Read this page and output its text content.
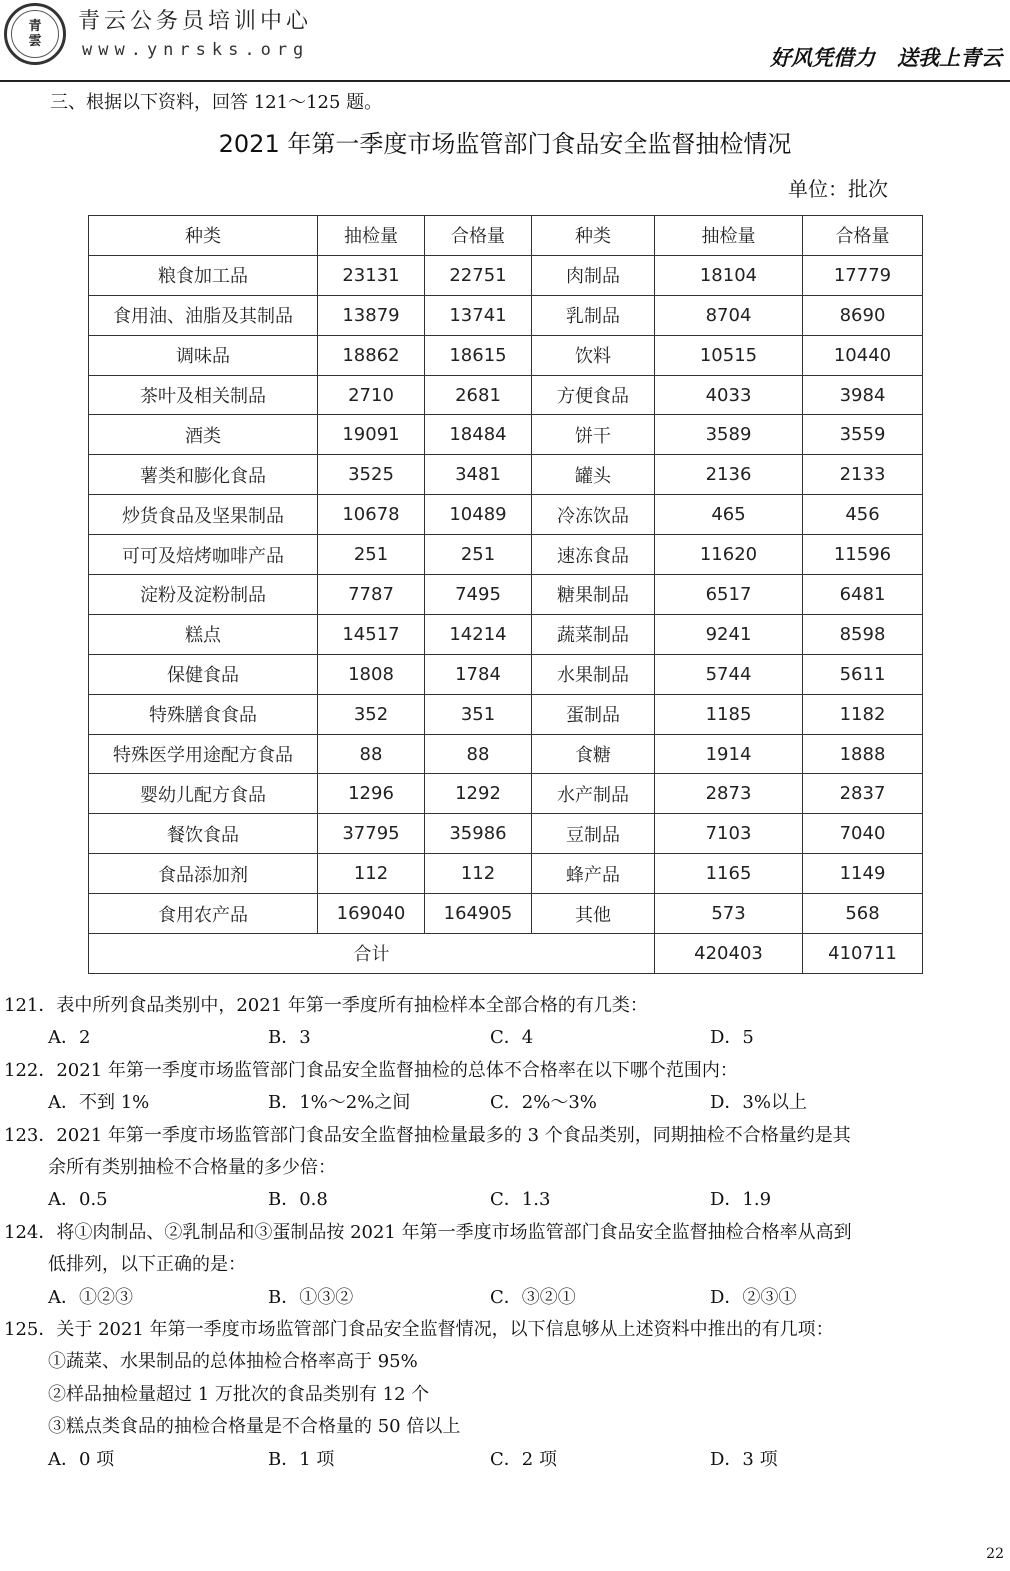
青
雲
青云公务员培训中心
www.ynrsks.org	好风凭借力   送我上青云
三、根据以下资料，回答 121～125 题。
2021 年第一季度市场监管部门食品安全监督抽检情况
单位：批次
种类	抽检量	合格量	种类	抽检量	合格量
粮食加工品	23131	22751	肉制品	18104	17779
食用油、油脂及其制品	13879	13741	乳制品	8704	8690
调味品	18862	18615	饮料	10515	10440
茶叶及相关制品	2710	2681	方便食品	4033	3984
酒类	19091	18484	饼干	3589	3559
薯类和膨化食品	3525	3481	罐头	2136	2133
炒货食品及坚果制品	10678	10489	冷冻饮品	465	456
可可及焙烤咖啡产品	251	251	速冻食品	11620	11596
淀粉及淀粉制品	7787	7495	糖果制品	6517	6481
糕点	14517	14214	蔬菜制品	9241	8598
保健食品	1808	1784	水果制品	5744	5611
特殊膳食食品	352	351	蛋制品	1185	1182
特殊医学用途配方食品	88	88	食糖	1914	1888
婴幼儿配方食品	1296	1292	水产制品	2873	2837
餐饮食品	37795	35986	豆制品	7103	7040
食品添加剂	112	112	蜂产品	1165	1149
食用农产品	169040	164905	其他	573	568
合计				420403	410711
121．表中所列食品类别中，2021 年第一季度所有抽检样本全部合格的有几类：
A．2	B．3	C．4	D．5
122．2021 年第一季度市场监管部门食品安全监督抽检的总体不合格率在以下哪个范围内：
A．不到 1%	B．1%～2%之间	C．2%～3%	D．3%以上
123．2021 年第一季度市场监管部门食品安全监督抽检量最多的 3 个食品类别，同期抽检不合格量约是其
余所有类别抽检不合格量的多少倍：
A．0.5	B．0.8	C．1.3	D．1.9
124．将①肉制品、②乳制品和③蛋制品按 2021 年第一季度市场监管部门食品安全监督抽检合格率从高到
低排列，以下正确的是：
A．①②③	B．①③②	C．③②①	D．②③①
125．关于 2021 年第一季度市场监管部门食品安全监督情况，以下信息够从上述资料中推出的有几项：
①蔬菜、水果制品的总体抽检合格率高于 95%
②样品抽检量超过 1 万批次的食品类别有 12 个
③糕点类食品的抽检合格量是不合格量的 50 倍以上
A．0 项	B．1 项	C．2 项	D．3 项
22
